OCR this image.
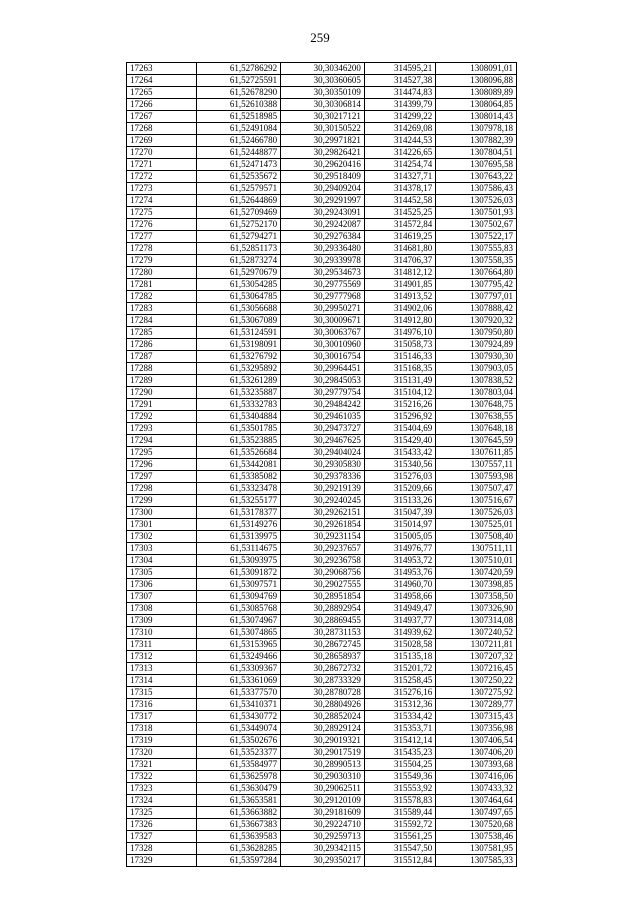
259
17263	61,52786292	30,30346200	314595,21	1308091,01
17264	61,52725591	30,30360605	314527,38	1308096,88
17265	61,52678290	30,30350109	314474,83	1308089,89
17266	61,52610388	30,30306814	314399,79	1308064,85
17267	61,52518985	30,30217121	314299,22	1308014,43
17268	61,52491084	30,30150522	314269,08	1307978,18
17269	61,52466780	30,29971821	314244,53	1307882,39
17270	61,52448877	30,29826421	314226,65	1307804,51
17271	61,52471473	30,29620416	314254,74	1307695,58
17272	61,52535672	30,29518409	314327,71	1307643,22
17273	61,52579571	30,29409204	314378,17	1307586,43
17274	61,52644869	30,29291997	314452,58	1307526,03
17275	61,52709469	30,29243091	314525,25	1307501,93
17276	61,52752170	30,29242087	314572,84	1307502,67
17277	61,52794271	30,29276384	314619,25	1307522,17
17278	61,52851173	30,29336480	314681,80	1307555,83
17279	61,52873274	30,29339978	314706,37	1307558,35
17280	61,52970679	30,29534673	314812,12	1307664,80
17281	61,53054285	30,29775569	314901,85	1307795,42
17282	61,53064785	30,29777968	314913,52	1307797,01
17283	61,53056688	30,29950271	314902,06	1307888,42
17284	61,53067089	30,30009671	314912,80	1307920,32
17285	61,53124591	30,30063767	314976,10	1307950,80
17286	61,53198091	30,30010960	315058,73	1307924,89
17287	61,53276792	30,30016754	315146,33	1307930,30
17288	61,53295892	30,29964451	315168,35	1307903,05
17289	61,53261289	30,29845053	315131,49	1307838,52
17290	61,53235887	30,29779754	315104,12	1307803,04
17291	61,53332783	30,29484242	315216,26	1307648,75
17292	61,53404884	30,29461035	315296,92	1307638,55
17293	61,53501785	30,29473727	315404,69	1307648,18
17294	61,53523885	30,29467625	315429,40	1307645,59
17295	61,53526684	30,29404024	315433,42	1307611,85
17296	61,53442081	30,29305830	315340,56	1307557,11
17297	61,53385082	30,29378336	315276,03	1307593,98
17298	61,53323478	30,29219139	315209,66	1307507,47
17299	61,53255177	30,29240245	315133,26	1307516,67
17300	61,53178377	30,29262151	315047,39	1307526,03
17301	61,53149276	30,29261854	315014,97	1307525,01
17302	61,53139975	30,29231154	315005,05	1307508,40
17303	61,53114675	30,29237657	314976,77	1307511,11
17304	61,53093975	30,29236758	314953,72	1307510,01
17305	61,53091872	30,29068756	314953,76	1307420,59
17306	61,53097571	30,29027555	314960,70	1307398,85
17307	61,53094769	30,28951854	314958,66	1307358,50
17308	61,53085768	30,28892954	314949,47	1307326,90
17309	61,53074967	30,28869455	314937,77	1307314,08
17310	61,53074865	30,28731153	314939,62	1307240,52
17311	61,53153965	30,28672745	315028,58	1307211,81
17312	61,53249466	30,28658937	315135,18	1307207,32
17313	61,53309367	30,28672732	315201,72	1307216,45
17314	61,53361069	30,28733329	315258,45	1307250,22
17315	61,53377570	30,28780728	315276,16	1307275,92
17316	61,53410371	30,28804926	315312,36	1307289,77
17317	61,53430772	30,28852024	315334,42	1307315,43
17318	61,53449074	30,28929124	315353,71	1307356,98
17319	61,53502676	30,29019321	315412,14	1307406,54
17320	61,53523377	30,29017519	315435,23	1307406,20
17321	61,53584977	30,28990513	315504,25	1307393,68
17322	61,53625978	30,29030310	315549,36	1307416,06
17323	61,53630479	30,29062511	315553,92	1307433,32
17324	61,53653581	30,29120109	315578,83	1307464,64
17325	61,53663882	30,29181609	315589,44	1307497,65
17326	61,53667383	30,29224710	315592,72	1307520,68
17327	61,53639583	30,29259713	315561,25	1307538,46
17328	61,53628285	30,29342115	315547,50	1307581,95
17329	61,53597284	30,29350217	315512,84	1307585,33
